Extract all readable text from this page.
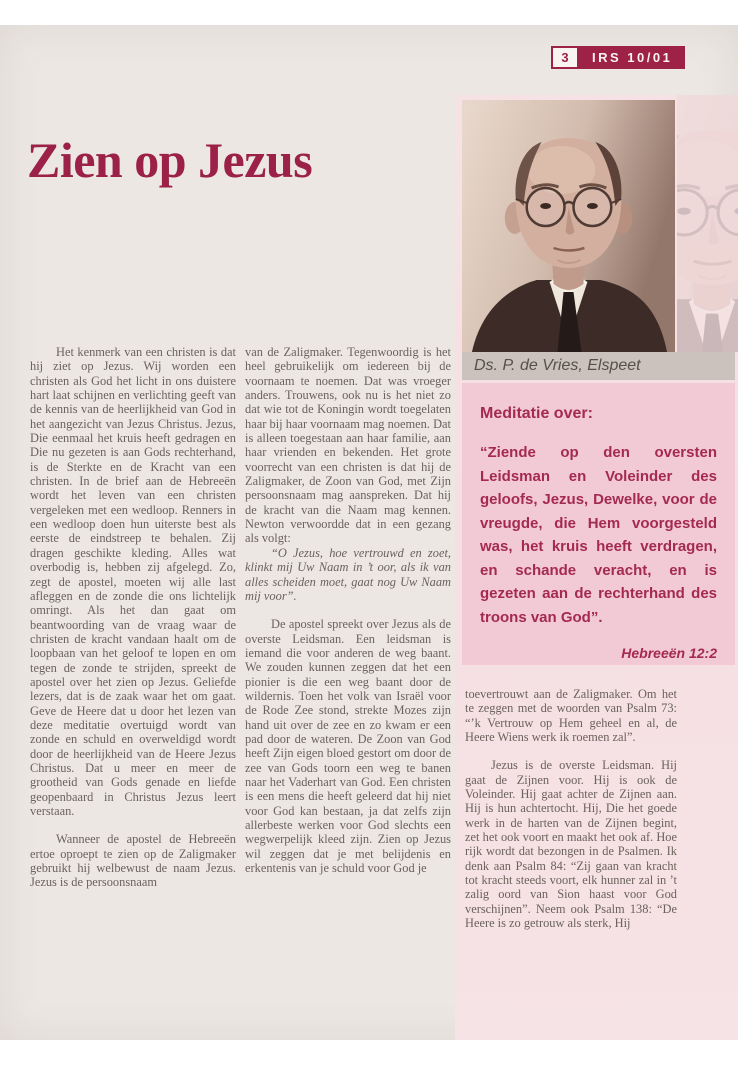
3	IRS 10/01
Zien op Jezus

Het kenmerk van een christen is dat hij ziet op Jezus. Wij worden een christen als God het licht in ons duistere hart laat schijnen en verlichting geeft van de kennis van de heerlijkheid van God in het aangezicht van Jezus Christus. Jezus, Die eenmaal het kruis heeft gedragen en Die nu gezeten is aan Gods rechterhand, is de Sterkte en de Kracht van een christen. In de brief aan de Hebreeën wordt het leven van een christen vergeleken met een wedloop. Renners in een wedloop doen hun uiterste best als eerste de eindstreep te behalen. Zij dragen geschikte kleding. Alles wat overbodig is, hebben zij afgelegd. Zo, zegt de apostel, moeten wij alle last afleggen en de zonde die ons lichtelijk omringt. Als het dan gaat om beantwoording van de vraag waar de christen de kracht vandaan haalt om de loopbaan van het geloof te lopen en om tegen de zonde te strijden, spreekt de apostel over het zien op Jezus. Geliefde lezers, dat is de zaak waar het om gaat. Geve de Heere dat u door het lezen van deze meditatie overtuigd wordt van zonde en schuld en overweldigd wordt door de heerlijkheid van de Heere Jezus Christus. Dat u meer en meer de grootheid van Gods genade en liefde geopenbaard in Christus Jezus leert verstaan.

Wanneer de apostel de Hebreeën ertoe oproept te zien op de Zaligmaker gebruikt hij welbewust de naam Jezus. Jezus is de persoonsnaam

van de Zaligmaker. Tegenwoordig is het heel gebruikelijk om iedereen bij de voornaam te noemen. Dat was vroeger anders. Trouwens, ook nu is het niet zo dat wie tot de Koningin wordt toegelaten haar bij haar voornaam mag noemen. Dat is alleen toegestaan aan haar familie, aan haar vrienden en bekenden. Het grote voorrecht van een christen is dat hij de Zaligmaker, de Zoon van God, met Zijn persoonsnaam mag aanspreken. Dat hij de kracht van die Naam mag kennen. Newton verwoordde dat in een gezang als volgt:

“O Jezus, hoe vertrouwd en zoet, klinkt mij Uw Naam in ’t oor, als ik van alles scheiden moet, gaat nog Uw Naam mij voor”.

De apostel spreekt over Jezus als de overste Leidsman. Een leidsman is iemand die voor anderen de weg baant. We zouden kunnen zeggen dat het een pionier is die een weg baant door de wildernis. Toen het volk van Israël voor de Rode Zee stond, strekte Mozes zijn hand uit over de zee en zo kwam er een pad door de wateren. De Zoon van God heeft Zijn eigen bloed gestort om door de zee van Gods toorn een weg te banen naar het Vaderhart van God. Een christen is een mens die heeft geleerd dat hij niet voor God kan bestaan, ja dat zelfs zijn allerbeste werken voor God slechts een wegwerpelijk kleed zijn. Zien op Jezus wil zeggen dat je met belijdenis en erkentenis van je schuld voor God je

Ds. P. de Vries, Elspeet

Meditatie over:

“Ziende op den oversten Leidsman en Voleinder des geloofs, Jezus, Dewelke, voor de vreugde, die Hem voorgesteld was, het kruis heeft verdragen, en schande veracht, en is gezeten aan de rechterhand des troons van God”.

Hebreeën 12:2

toevertrouwt aan de Zaligmaker. Om het te zeggen met de woorden van Psalm 73: “’k Vertrouw op Hem geheel en al, de Heere Wiens werk ik roemen zal”.

Jezus is de overste Leidsman. Hij gaat de Zijnen voor. Hij is ook de Voleinder. Hij gaat achter de Zijnen aan. Hij is hun achtertocht. Hij, Die het goede werk in de harten van de Zijnen begint, zet het ook voort en maakt het ook af. Hoe rijk wordt dat bezongen in de Psalmen. Ik denk aan Psalm 84: “Zij gaan van kracht tot kracht steeds voort, elk hunner zal in ’t zalig oord van Sion haast voor God verschijnen”. Neem ook Psalm 138: “De Heere is zo getrouw als sterk, Hij
